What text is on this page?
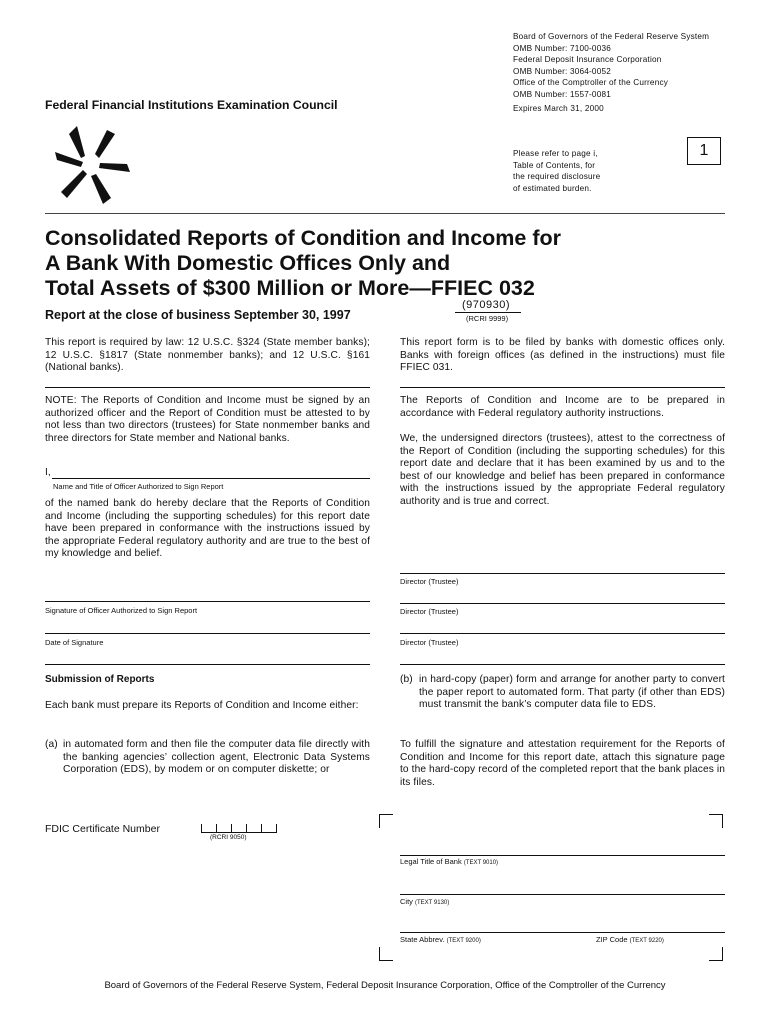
Board of Governors of the Federal Reserve System
OMB Number: 7100-0036
Federal Deposit Insurance Corporation
OMB Number: 3064-0052
Office of the Comptroller of the Currency
OMB Number: 1557-0081
Expires March 31, 2000
Federal Financial Institutions Examination Council
Please refer to page i,
Table of Contents, for
the required disclosure
of estimated burden.
1
Consolidated Reports of Condition and Income for
A Bank With Domestic Offices Only and
Total Assets of $300 Million or More—FFIEC 032
Report at the close of business September 30, 1997
(970930)
(RCRI 9999)
This report is required by law: 12 U.S.C. §324 (State member banks); 12 U.S.C. §1817 (State nonmember banks); and 12 U.S.C. §161 (National banks).
NOTE: The Reports of Condition and Income must be signed by an authorized officer and the Report of Condition must be attested to by not less than two directors (trustees) for State nonmember banks and three directors for State member and National banks.
I,
Name and Title of Officer Authorized to Sign Report
of the named bank do hereby declare that the Reports of Condition and Income (including the supporting schedules) for this report date have been prepared in conformance with the instructions issued by the appropriate Federal regulatory authority and are true to the best of my knowledge and belief.
Signature of Officer Authorized to Sign Report
Date of Signature
Submission of Reports
Each bank must prepare its Reports of Condition and Income either:
(a) in automated form and then file the computer data file directly with the banking agencies’ collection agent, Electronic Data Systems Corporation (EDS), by modem or on computer diskette; or
This report form is to be filed by banks with domestic offices only. Banks with foreign offices (as defined in the instructions) must file FFIEC 031.
The Reports of Condition and Income are to be prepared in accordance with Federal regulatory authority instructions.
We, the undersigned directors (trustees), attest to the correctness of the Report of Condition (including the supporting schedules) for this report date and declare that it has been examined by us and to the best of our knowledge and belief has been prepared in conformance with the instructions issued by the appropriate Federal regulatory authority and is true and correct.
Director (Trustee)
Director (Trustee)
Director (Trustee)
(b) in hard-copy (paper) form and arrange for another party to convert the paper report to automated form. That party (if other than EDS) must transmit the bank’s computer data file to EDS.
To fulfill the signature and attestation requirement for the Reports of Condition and Income for this report date, attach this signature page to the hard-copy record of the completed report that the bank places in its files.
FDIC Certificate Number
(RCRI 9050)
Legal Title of Bank (TEXT 9010)
City (TEXT 9130)
State Abbrev. (TEXT 9200)	ZIP Code (TEXT 9220)
Board of Governors of the Federal Reserve System, Federal Deposit Insurance Corporation, Office of the Comptroller of the Currency
